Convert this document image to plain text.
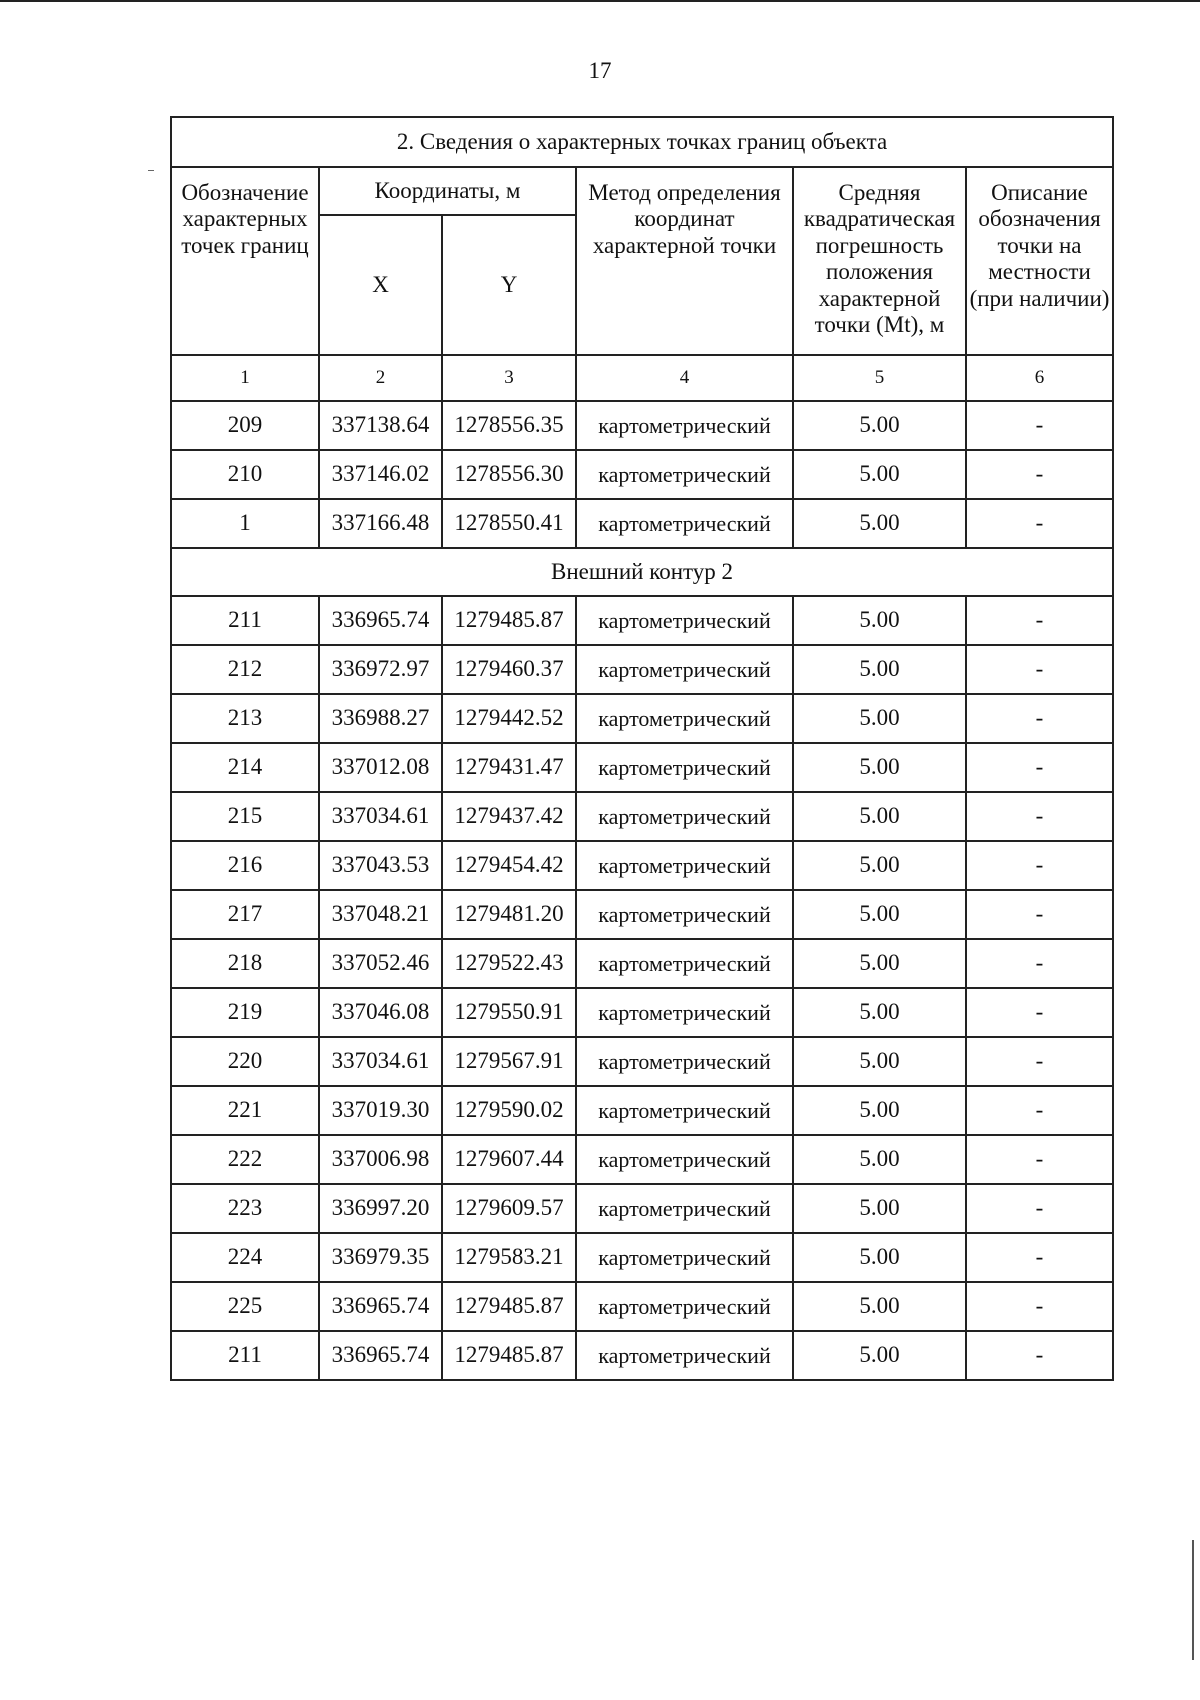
17
2. Сведения о характерных точках границ объекта					
Обозначение характерных точек границ	Координаты, м		Метод определения координат характерной точки	Средняя квадратическая погрешность положения характерной точки (Mt), м	Описание обозначения точки на местности (при наличии)
	X	Y			
1	2	3	4	5	6
209	337138.64	1278556.35	картометрический	5.00	-
210	337146.02	1278556.30	картометрический	5.00	-
1	337166.48	1278550.41	картометрический	5.00	-
Внешний контур 2					
211	336965.74	1279485.87	картометрический	5.00	-
212	336972.97	1279460.37	картометрический	5.00	-
213	336988.27	1279442.52	картометрический	5.00	-
214	337012.08	1279431.47	картометрический	5.00	-
215	337034.61	1279437.42	картометрический	5.00	-
216	337043.53	1279454.42	картометрический	5.00	-
217	337048.21	1279481.20	картометрический	5.00	-
218	337052.46	1279522.43	картометрический	5.00	-
219	337046.08	1279550.91	картометрический	5.00	-
220	337034.61	1279567.91	картометрический	5.00	-
221	337019.30	1279590.02	картометрический	5.00	-
222	337006.98	1279607.44	картометрический	5.00	-
223	336997.20	1279609.57	картометрический	5.00	-
224	336979.35	1279583.21	картометрический	5.00	-
225	336965.74	1279485.87	картометрический	5.00	-
211	336965.74	1279485.87	картометрический	5.00	-
